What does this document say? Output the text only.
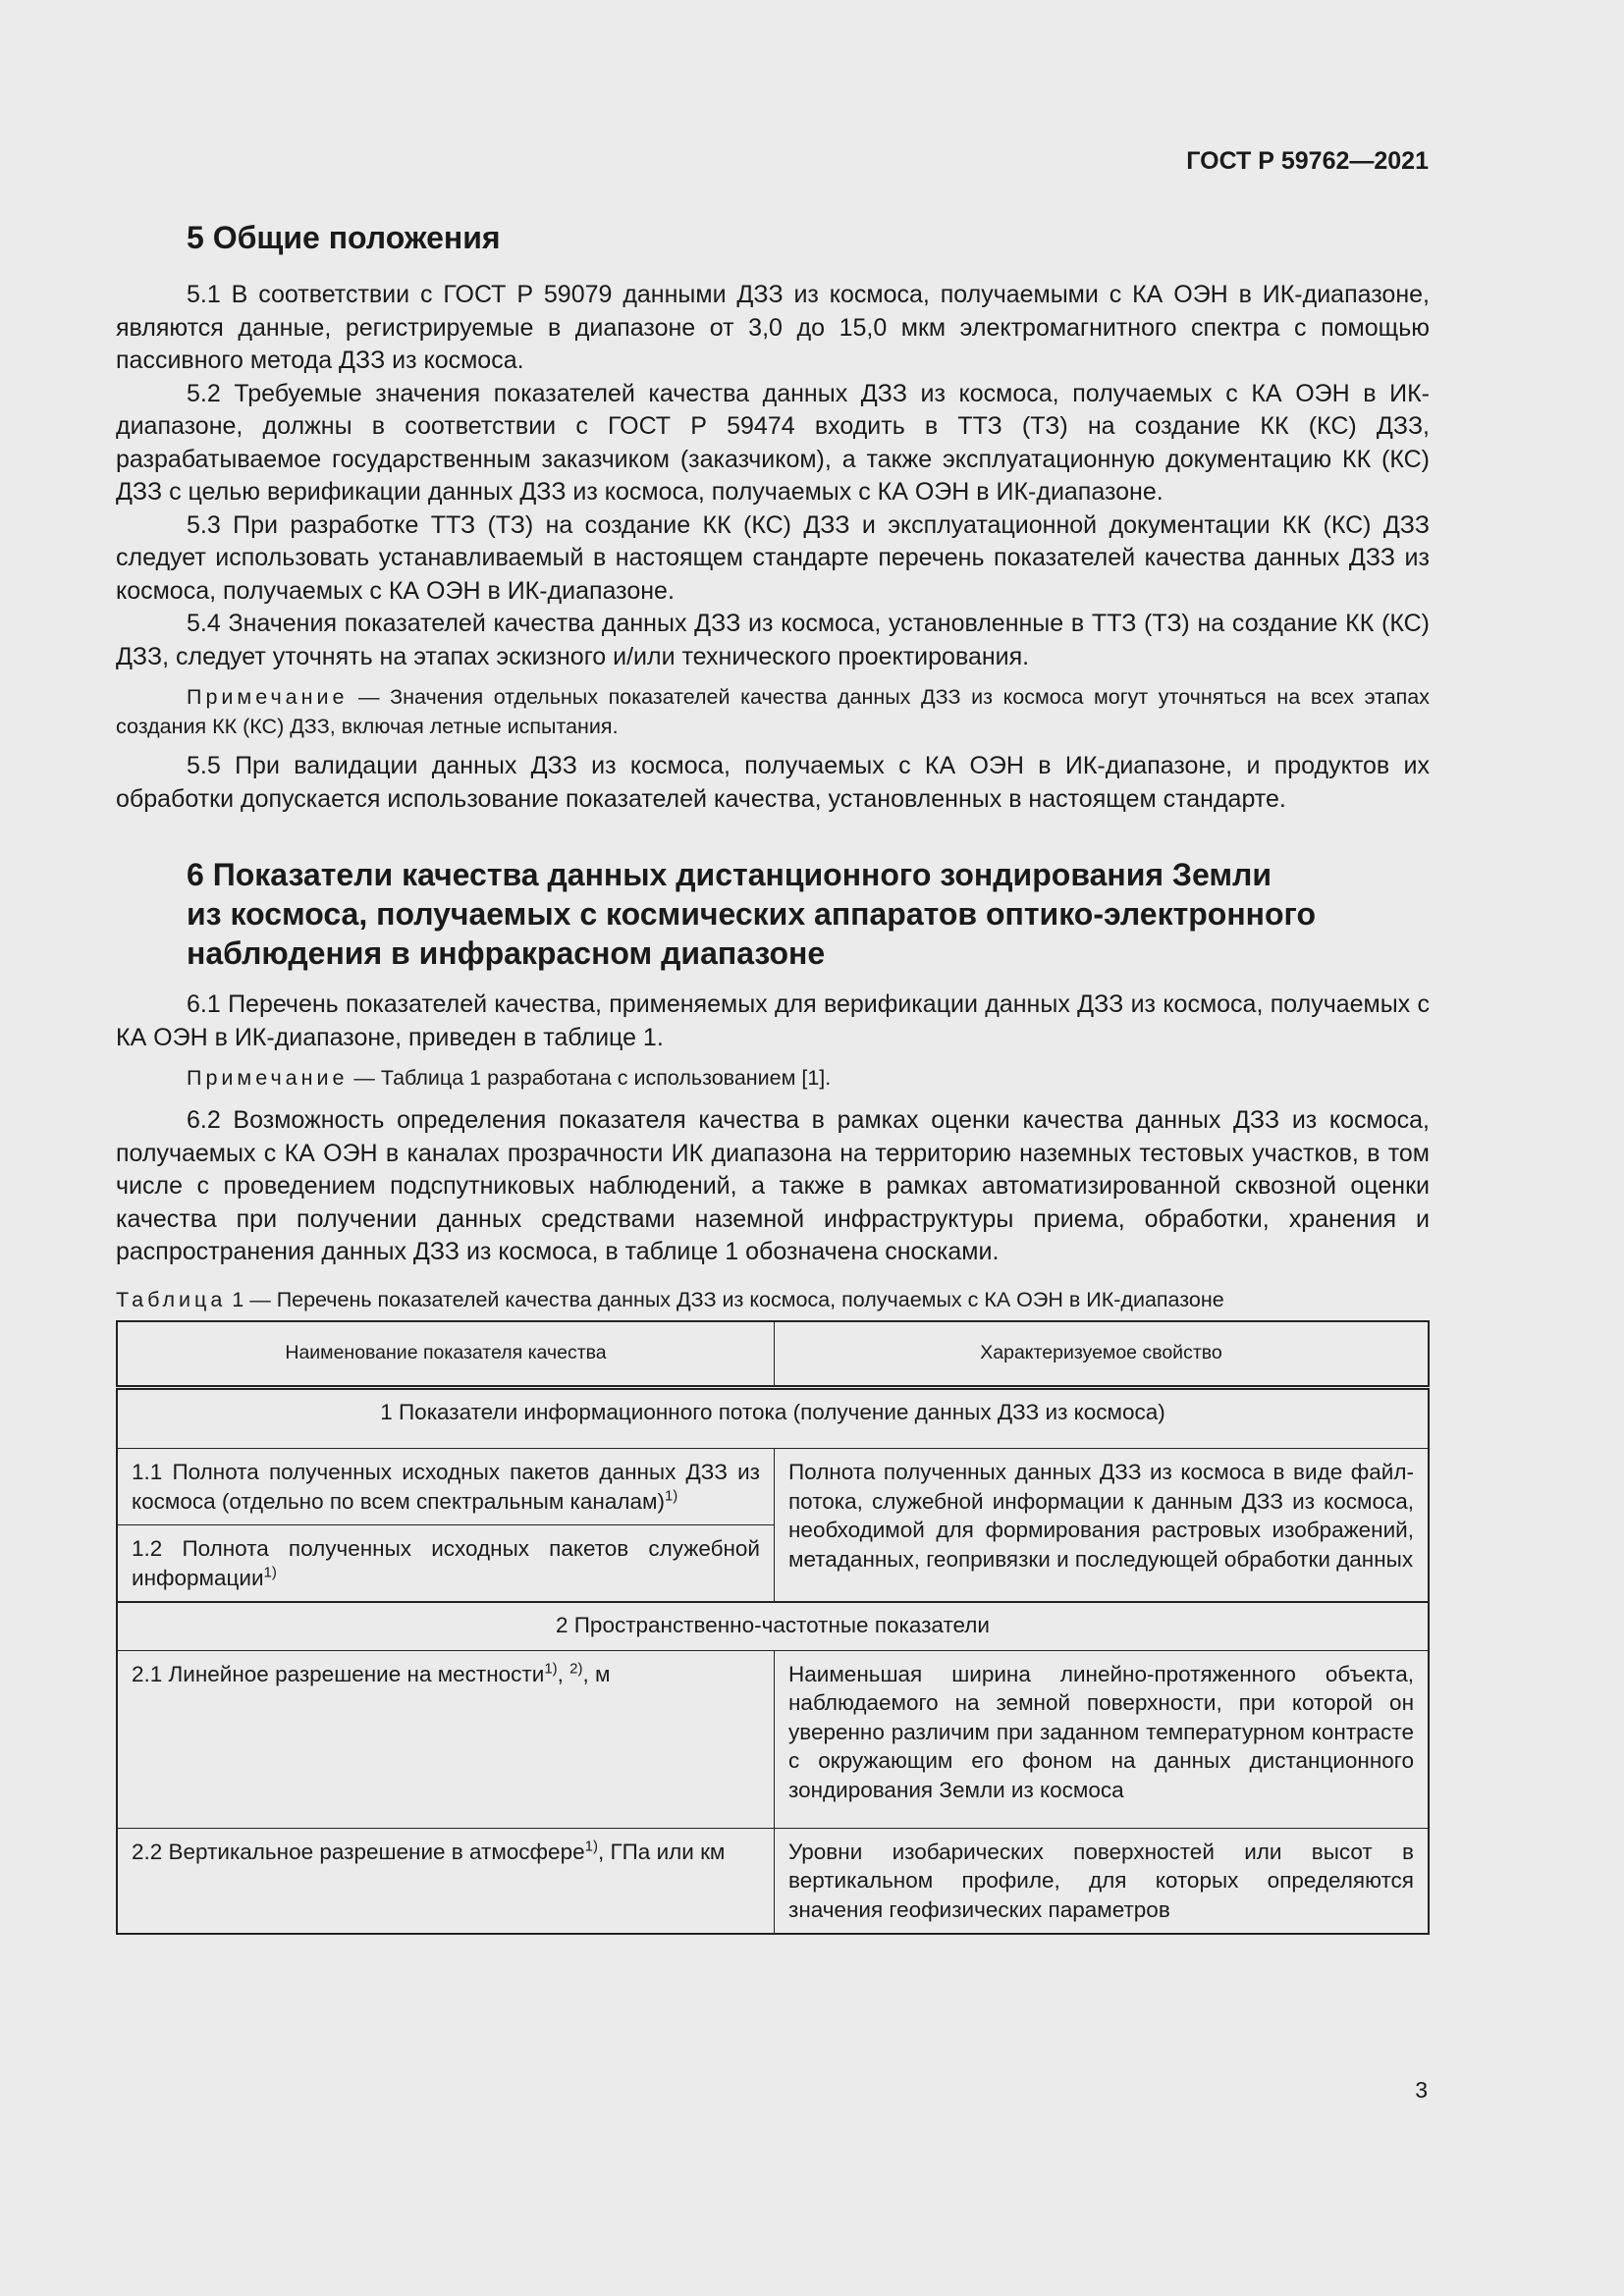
ГОСТ Р 59762—2021
5 Общие положения

5.1 В соответствии с ГОСТ Р 59079 данными ДЗЗ из космоса, получаемыми с КА ОЭН в ИК-диапазоне, являются данные, регистрируемые в диапазоне от 3,0 до 15,0 мкм электромагнитного спектра с помощью пассивного метода ДЗЗ из космоса.

5.2 Требуемые значения показателей качества данных ДЗЗ из космоса, получаемых с КА ОЭН в ИК-диапазоне, должны в соответствии с ГОСТ Р 59474 входить в ТТЗ (ТЗ) на создание КК (КС) ДЗЗ, разрабатываемое государственным заказчиком (заказчиком), а также эксплуатационную документацию КК (КС) ДЗЗ с целью верификации данных ДЗЗ из космоса, получаемых с КА ОЭН в ИК-диапазоне.

5.3 При разработке ТТЗ (ТЗ) на создание КК (КС) ДЗЗ и эксплуатационной документации КК (КС) ДЗЗ следует использовать устанавливаемый в настоящем стандарте перечень показателей качества данных ДЗЗ из космоса, получаемых с КА ОЭН в ИК-диапазоне.

5.4 Значения показателей качества данных ДЗЗ из космоса, установленные в ТТЗ (ТЗ) на создание КК (КС) ДЗЗ, следует уточнять на этапах эскизного и/или технического проектирования.

Примечание — Значения отдельных показателей качества данных ДЗЗ из космоса могут уточняться на всех этапах создания КК (КС) ДЗЗ, включая летные испытания.

5.5 При валидации данных ДЗЗ из космоса, получаемых с КА ОЭН в ИК-диапазоне, и продуктов их обработки допускается использование показателей качества, установленных в настоящем стандарте.

6 Показатели качества данных дистанционного зондирования Земли
из космоса, получаемых с космических аппаратов оптико-электронного
наблюдения в инфракрасном диапазоне

6.1 Перечень показателей качества, применяемых для верификации данных ДЗЗ из космоса, получаемых с КА ОЭН в ИК-диапазоне, приведен в таблице 1.

Примечание — Таблица 1 разработана с использованием [1].

6.2 Возможность определения показателя качества в рамках оценки качества данных ДЗЗ из космоса, получаемых с КА ОЭН в каналах прозрачности ИК диапазона на территорию наземных тестовых участков, в том числе с проведением подспутниковых наблюдений, а также в рамках автоматизированной сквозной оценки качества при получении данных средствами наземной инфраструктуры приема, обработки, хранения и распространения данных ДЗЗ из космоса, в таблице 1 обозначена сносками.

Таблица 1 — Перечень показателей качества данных ДЗЗ из космоса, получаемых с КА ОЭН в ИК-диапазоне

Наименование показателя качества	Характеризуемое свойство
1 Показатели информационного потока (получение данных ДЗЗ из космоса)	
1.1 Полнота полученных исходных пакетов данных ДЗЗ из космоса (отдельно по всем спектральным каналам)$^{1)}$	Полнота полученных данных ДЗЗ из космоса в виде файл-потока, служебной информации к данным ДЗЗ из космоса, необходимой для формирования растровых изображений, метаданных, геопривязки и последующей обработки данных
1.2 Полнота полученных исходных пакетов служебной информации$^{1)}$
2 Пространственно-частотные показатели	
2.1 Линейное разрешение на местности$^{1)}$, $^{2)}$, м	Наименьшая ширина линейно-протяженного объекта, наблюдаемого на земной поверхности, при которой он уверенно различим при заданном температурном контрасте с окружающим его фоном на данных дистанционного зондирования Земли из космоса
2.2 Вертикальное разрешение в атмосфере$^{1)}$, ГПа или км	Уровни изобарических поверхностей или высот в вертикальном профиле, для которых определяются значения геофизических параметров
3
